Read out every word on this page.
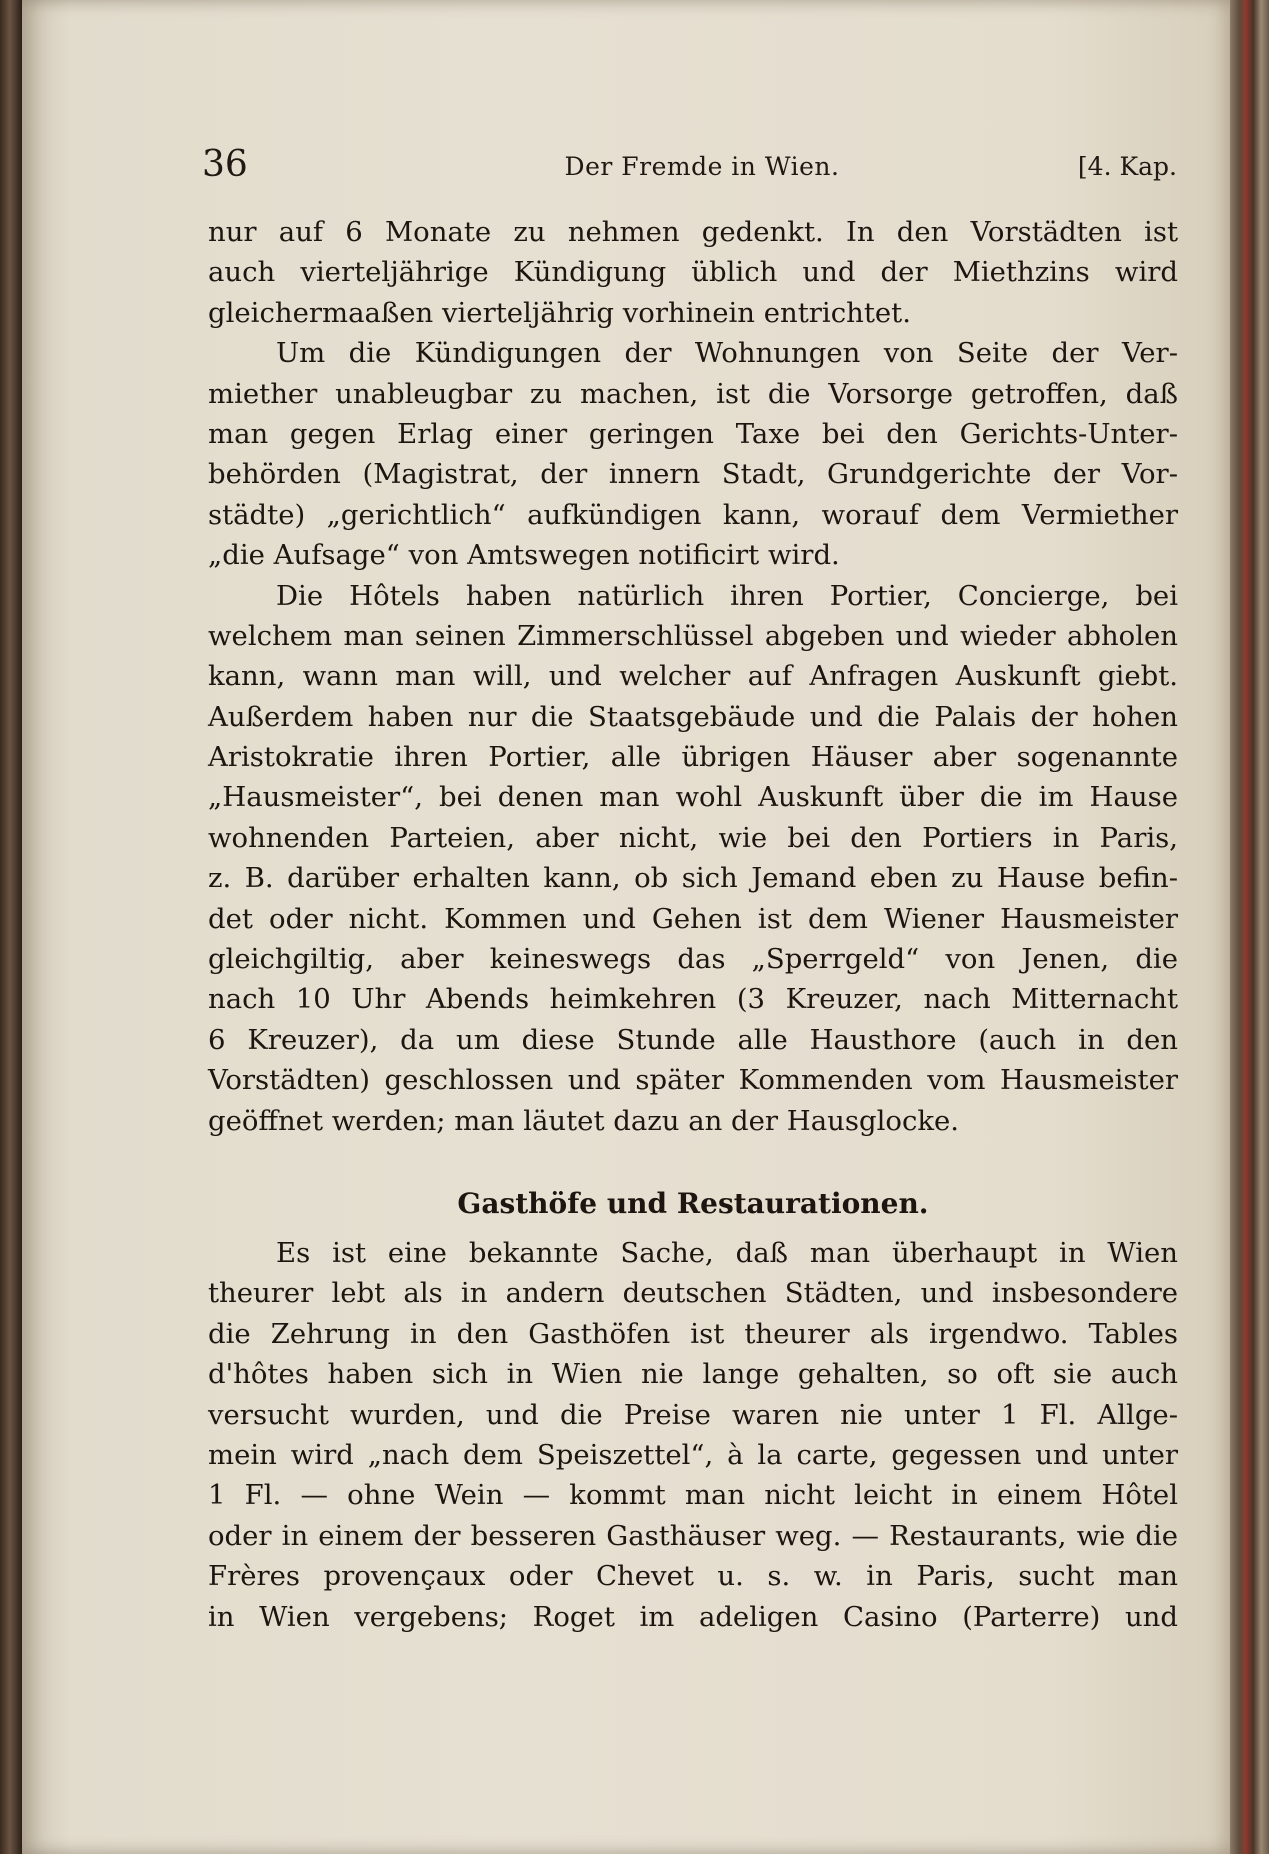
36	Der Fremde in Wien.	[4. Kap.
nur auf 6 Monate zu nehmen gedenkt. In den Vorstädten ist
auch vierteljährige Kündigung üblich und der Miethzins wird
gleichermaaßen vierteljährig vorhinein entrichtet.
Um die Kündigungen der Wohnungen von Seite der Ver-
miether unableugbar zu machen, ist die Vorsorge getroffen, daß
man gegen Erlag einer geringen Taxe bei den Gerichts-Unter-
behörden (Magistrat, der innern Stadt, Grundgerichte der Vor-
städte) „gerichtlich“ aufkündigen kann, worauf dem Vermiether
„die Aufsage“ von Amtswegen notificirt wird.
Die Hôtels haben natürlich ihren Portier, Concierge, bei
welchem man seinen Zimmerschlüssel abgeben und wieder abholen
kann, wann man will, und welcher auf Anfragen Auskunft giebt.
Außerdem haben nur die Staatsgebäude und die Palais der hohen
Aristokratie ihren Portier, alle übrigen Häuser aber sogenannte
„Hausmeister“, bei denen man wohl Auskunft über die im Hause
wohnenden Parteien, aber nicht, wie bei den Portiers in Paris,
z. B. darüber erhalten kann, ob sich Jemand eben zu Hause befin-
det oder nicht. Kommen und Gehen ist dem Wiener Hausmeister
gleichgiltig, aber keineswegs das „Sperrgeld“ von Jenen, die
nach 10 Uhr Abends heimkehren (3 Kreuzer, nach Mitternacht
6 Kreuzer), da um diese Stunde alle Hausthore (auch in den
Vorstädten) geschlossen und später Kommenden vom Hausmeister
geöffnet werden; man läutet dazu an der Hausglocke.
Gasthöfe und Restaurationen.
Es ist eine bekannte Sache, daß man überhaupt in Wien
theurer lebt als in andern deutschen Städten, und insbesondere
die Zehrung in den Gasthöfen ist theurer als irgendwo. Tables
d'hôtes haben sich in Wien nie lange gehalten, so oft sie auch
versucht wurden, und die Preise waren nie unter 1 Fl. Allge-
mein wird „nach dem Speiszettel“, à la carte, gegessen und unter
1 Fl. — ohne Wein — kommt man nicht leicht in einem Hôtel
oder in einem der besseren Gasthäuser weg. — Restaurants, wie die
Frères provençaux oder Chevet u. s. w. in Paris, sucht man
in Wien vergebens; Roget im adeligen Casino (Parterre) und
